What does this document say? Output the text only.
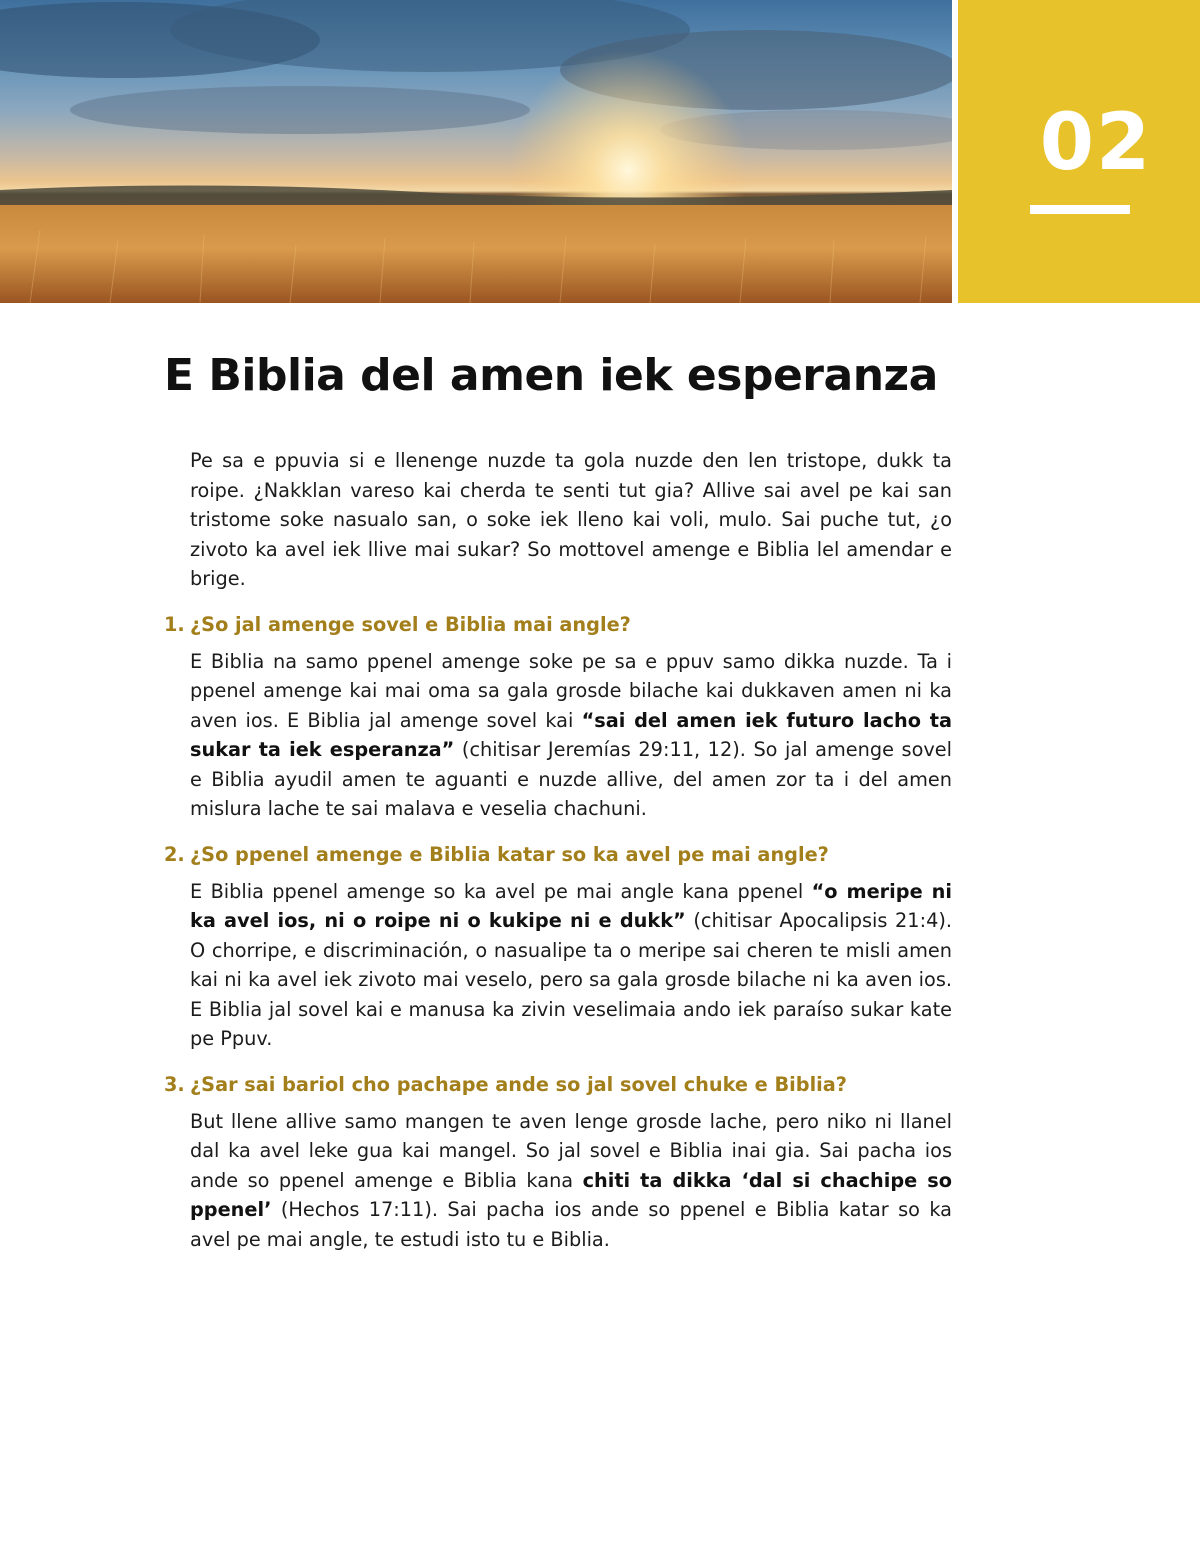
02
E Biblia del amen iek esperanza

Pe sa e ppuvia si e llenenge nuzde ta gola nuzde den len tristope, dukk ta roipe. ¿Nakklan vareso kai cherda te senti tut gia? Allive sai avel pe kai san tristome soke nasualo san, o soke iek lleno kai voli, mulo. Sai puche tut, ¿o zivoto ka avel iek llive mai sukar? So mottovel amenge e Biblia lel amendar e brige.

1. ¿So jal amenge sovel e Biblia mai angle?

E Biblia na samo ppenel amenge soke pe sa e ppuv samo dikka nuzde. Ta i ppenel amenge kai mai oma sa gala grosde bilache kai dukkaven amen ni ka aven ios. E Biblia jal amenge sovel kai “sai del amen iek futuro lacho ta sukar ta iek esperanza” (chitisar Jeremías 29:11, 12). So jal amenge sovel e Biblia ayudil amen te aguanti e nuzde allive, del amen zor ta i del amen mislura lache te sai malava e veselia chachuni.

2. ¿So ppenel amenge e Biblia katar so ka avel pe mai angle?

E Biblia ppenel amenge so ka avel pe mai angle kana ppenel “o meripe ni ka avel ios, ni o roipe ni o kukipe ni e dukk” (chitisar Apocalipsis 21:4). O chorripe, e discriminación, o nasualipe ta o meripe sai cheren te misli amen kai ni ka avel iek zivoto mai veselo, pero sa gala grosde bilache ni ka aven ios. E Biblia jal sovel kai e manusa ka zivin veselimaia ando iek paraíso sukar kate pe Ppuv.

3. ¿Sar sai bariol cho pachape ande so jal sovel chuke e Biblia?

But llene allive samo mangen te aven lenge grosde lache, pero niko ni llanel dal ka avel leke gua kai mangel. So jal sovel e Biblia inai gia. Sai pacha ios ande so ppenel amenge e Biblia kana chiti ta dikka ‘dal si chachipe so ppenel’ (Hechos 17:11). Sai pacha ios ande so ppenel e Biblia katar so ka avel pe mai angle, te estudi isto tu e Biblia.
